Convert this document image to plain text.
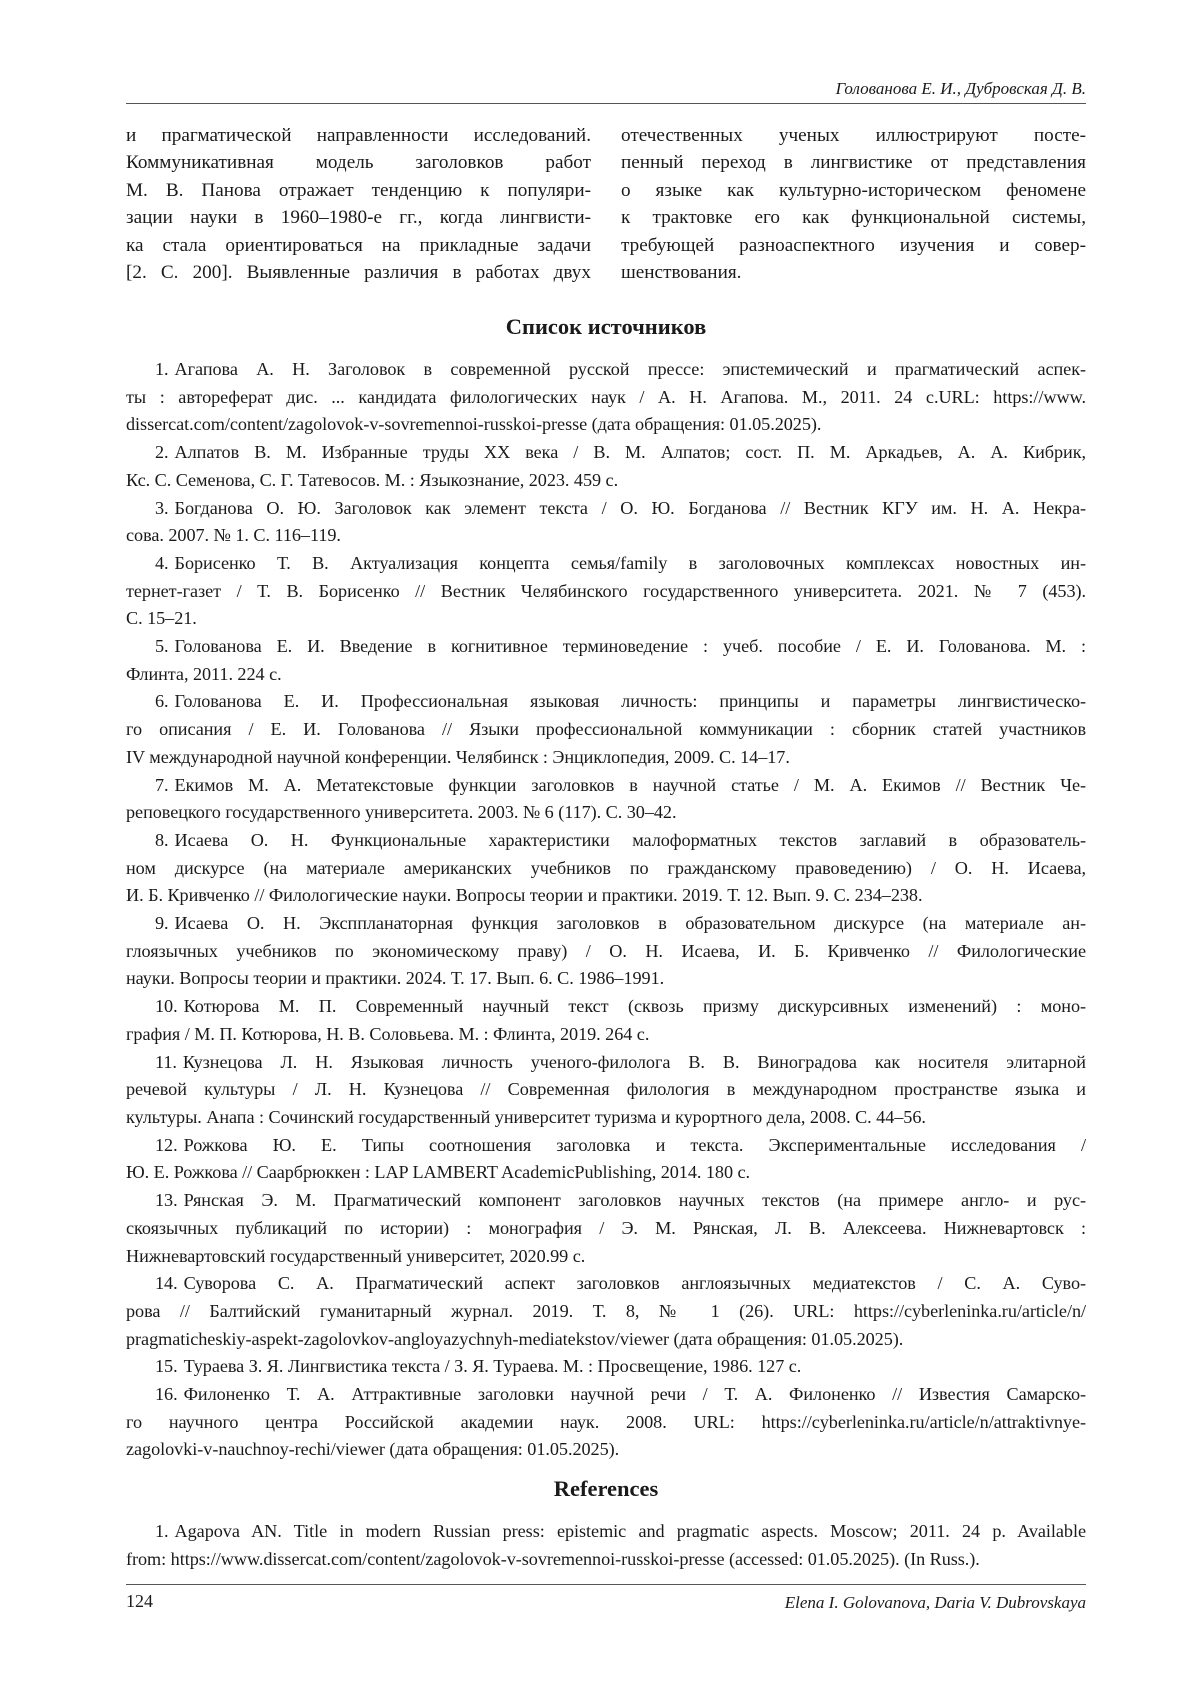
Голованова Е. И., Дубровская Д. В.
и прагматической направленности исследований.
Коммуникативная модель заголовков работ
М. В. Панова отражает тенденцию к популяри-
зации науки в 1960–1980-е гг., когда лингвисти-
ка стала ориентироваться на прикладные задачи
[2. С. 200]. Выявленные различия в работах двух
отечественных ученых иллюстрируют посте-
пенный переход в лингвистике от представления
о языке как культурно-историческом феномене
к трактовке его как функциональной системы,
требующей разноаспектного изучения и совер-
шенствования.
Список источников
1. Агапова А. Н. Заголовок в современной русской прессе: эпистемический и прагматический аспек-
ты : автореферат дис. ... кандидата филологических наук / А. Н. Агапова. М., 2011. 24 с.URL: https://www.
dissercat.com/content/zagolovok-v-sovremennoi-russkoi-presse (дата обращения: 01.05.2025).
2. Алпатов В. М. Избранные труды ХХ века / В. М. Алпатов; сост. П. М. Аркадьев, А. А. Кибрик,
Кс. С. Семенова, С. Г. Татевосов. М. : Языкознание, 2023. 459 с.
3. Богданова О. Ю. Заголовок как элемент текста / О. Ю. Богданова // Вестник КГУ им. Н. А. Некра-
сова. 2007. № 1. С. 116–119.
4. Борисенко Т. В. Актуализация концепта семья/family в заголовочных комплексах новостных ин-
тернет-газет / Т. В. Борисенко // Вестник Челябинского государственного университета. 2021. № 7 (453).
С. 15–21.
5. Голованова Е. И. Введение в когнитивное терминоведение : учеб. пособие / Е. И. Голованова. М. :
Флинта, 2011. 224 с.
6. Голованова Е. И. Профессиональная языковая личность: принципы и параметры лингвистическо-
го описания / Е. И. Голованова // Языки профессиональной коммуникации : сборник статей участников
IV международной научной конференции. Челябинск : Энциклопедия, 2009. С. 14–17.
7. Екимов М. А. Метатекстовые функции заголовков в научной статье / М. А. Екимов // Вестник Че-
реповецкого государственного университета. 2003. № 6 (117). С. 30–42.
8. Исаева О. Н. Функциональные характеристики малоформатных текстов заглавий в образователь-
ном дискурсе (на материале американских учебников по гражданскому правоведению) / О. Н. Исаева,
И. Б. Кривченко // Филологические науки. Вопросы теории и практики. 2019. Т. 12. Вып. 9. С. 234–238.
9. Исаева О. Н. Эксппланаторная функция заголовков в образовательном дискурсе (на материале ан-
глоязычных учебников по экономическому праву) / О. Н. Исаева, И. Б. Кривченко // Филологические
науки. Вопросы теории и практики. 2024. Т. 17. Вып. 6. С. 1986–1991.
10. Котюрова М. П. Современный научный текст (сквозь призму дискурсивных изменений) : моно-
графия / М. П. Котюрова, Н. В. Соловьева. М. : Флинта, 2019. 264 с.
11. Кузнецова Л. Н. Языковая личность ученого-филолога В. В. Виноградова как носителя элитарной
речевой культуры / Л. Н. Кузнецова // Современная филология в международном пространстве языка и
культуры. Анапа : Сочинский государственный университет туризма и курортного дела, 2008. С. 44–56.
12. Рожкова Ю. Е. Типы соотношения заголовка и текста. Экспериментальные исследования /
Ю. Е. Рожкова // Саарбрюккен : LAP LAMBERT AcademicPublishing, 2014. 180 с.
13. Рянская Э. М. Прагматический компонент заголовков научных текстов (на примере англо- и рус-
скоязычных публикаций по истории) : монография / Э. М. Рянская, Л. В. Алексеева. Нижневартовск :
Нижневартовский государственный университет, 2020.99 с.
14. Суворова С. А. Прагматический аспект заголовков англоязычных медиатекстов / С. А. Суво-
рова // Балтийский гуманитарный журнал. 2019. Т. 8, № 1 (26). URL: https://cyberleninka.ru/article/n/
pragmaticheskiy-aspekt-zagolovkov-angloyazychnyh-mediatekstov/viewer (дата обращения: 01.05.2025).
15. Тураева З. Я. Лингвистика текста / З. Я. Тураева. М. : Просвещение, 1986. 127 с.
16. Филоненко Т. А. Аттрактивные заголовки научной речи / Т. А. Филоненко // Известия Самарско-
го научного центра Российской академии наук. 2008. URL: https://cyberleninka.ru/article/n/attraktivnye-
zagolovki-v-nauchnoy-rechi/viewer (дата обращения: 01.05.2025).
References
1. Agapova AN. Title in modern Russian press: epistemic and pragmatic aspects. Moscow; 2011. 24 p. Available
from: https://www.dissercat.com/content/zagolovok-v-sovremennoi-russkoi-presse (accessed: 01.05.2025). (In Russ.).
124	Elena I. Golovanova, Daria V. Dubrovskaya
